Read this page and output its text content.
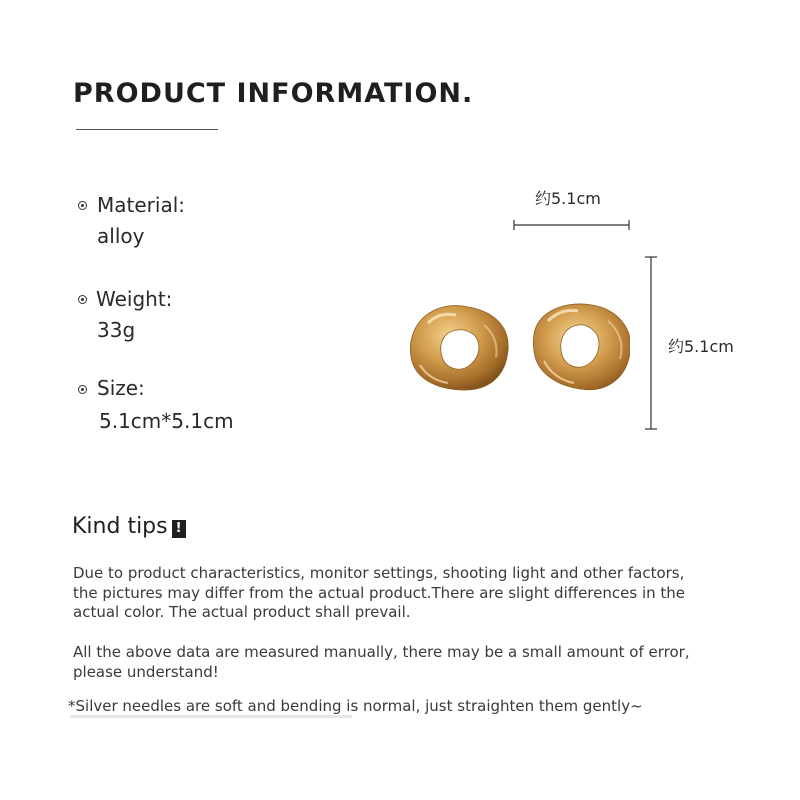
PRODUCT INFORMATION.
Material:
alloy
Weight:
33g
Size:
5.1cm*5.1cm
约5.1cm
约5.1cm
Kind tips !

Due to product characteristics, monitor settings, shooting light and other factors, the pictures may differ from the actual product.There are slight differences in the actual color. The actual product shall prevail.

All the above data are measured manually, there may be a small amount of error, please understand!

*Silver needles are soft and bending is normal, just straighten them gently~
